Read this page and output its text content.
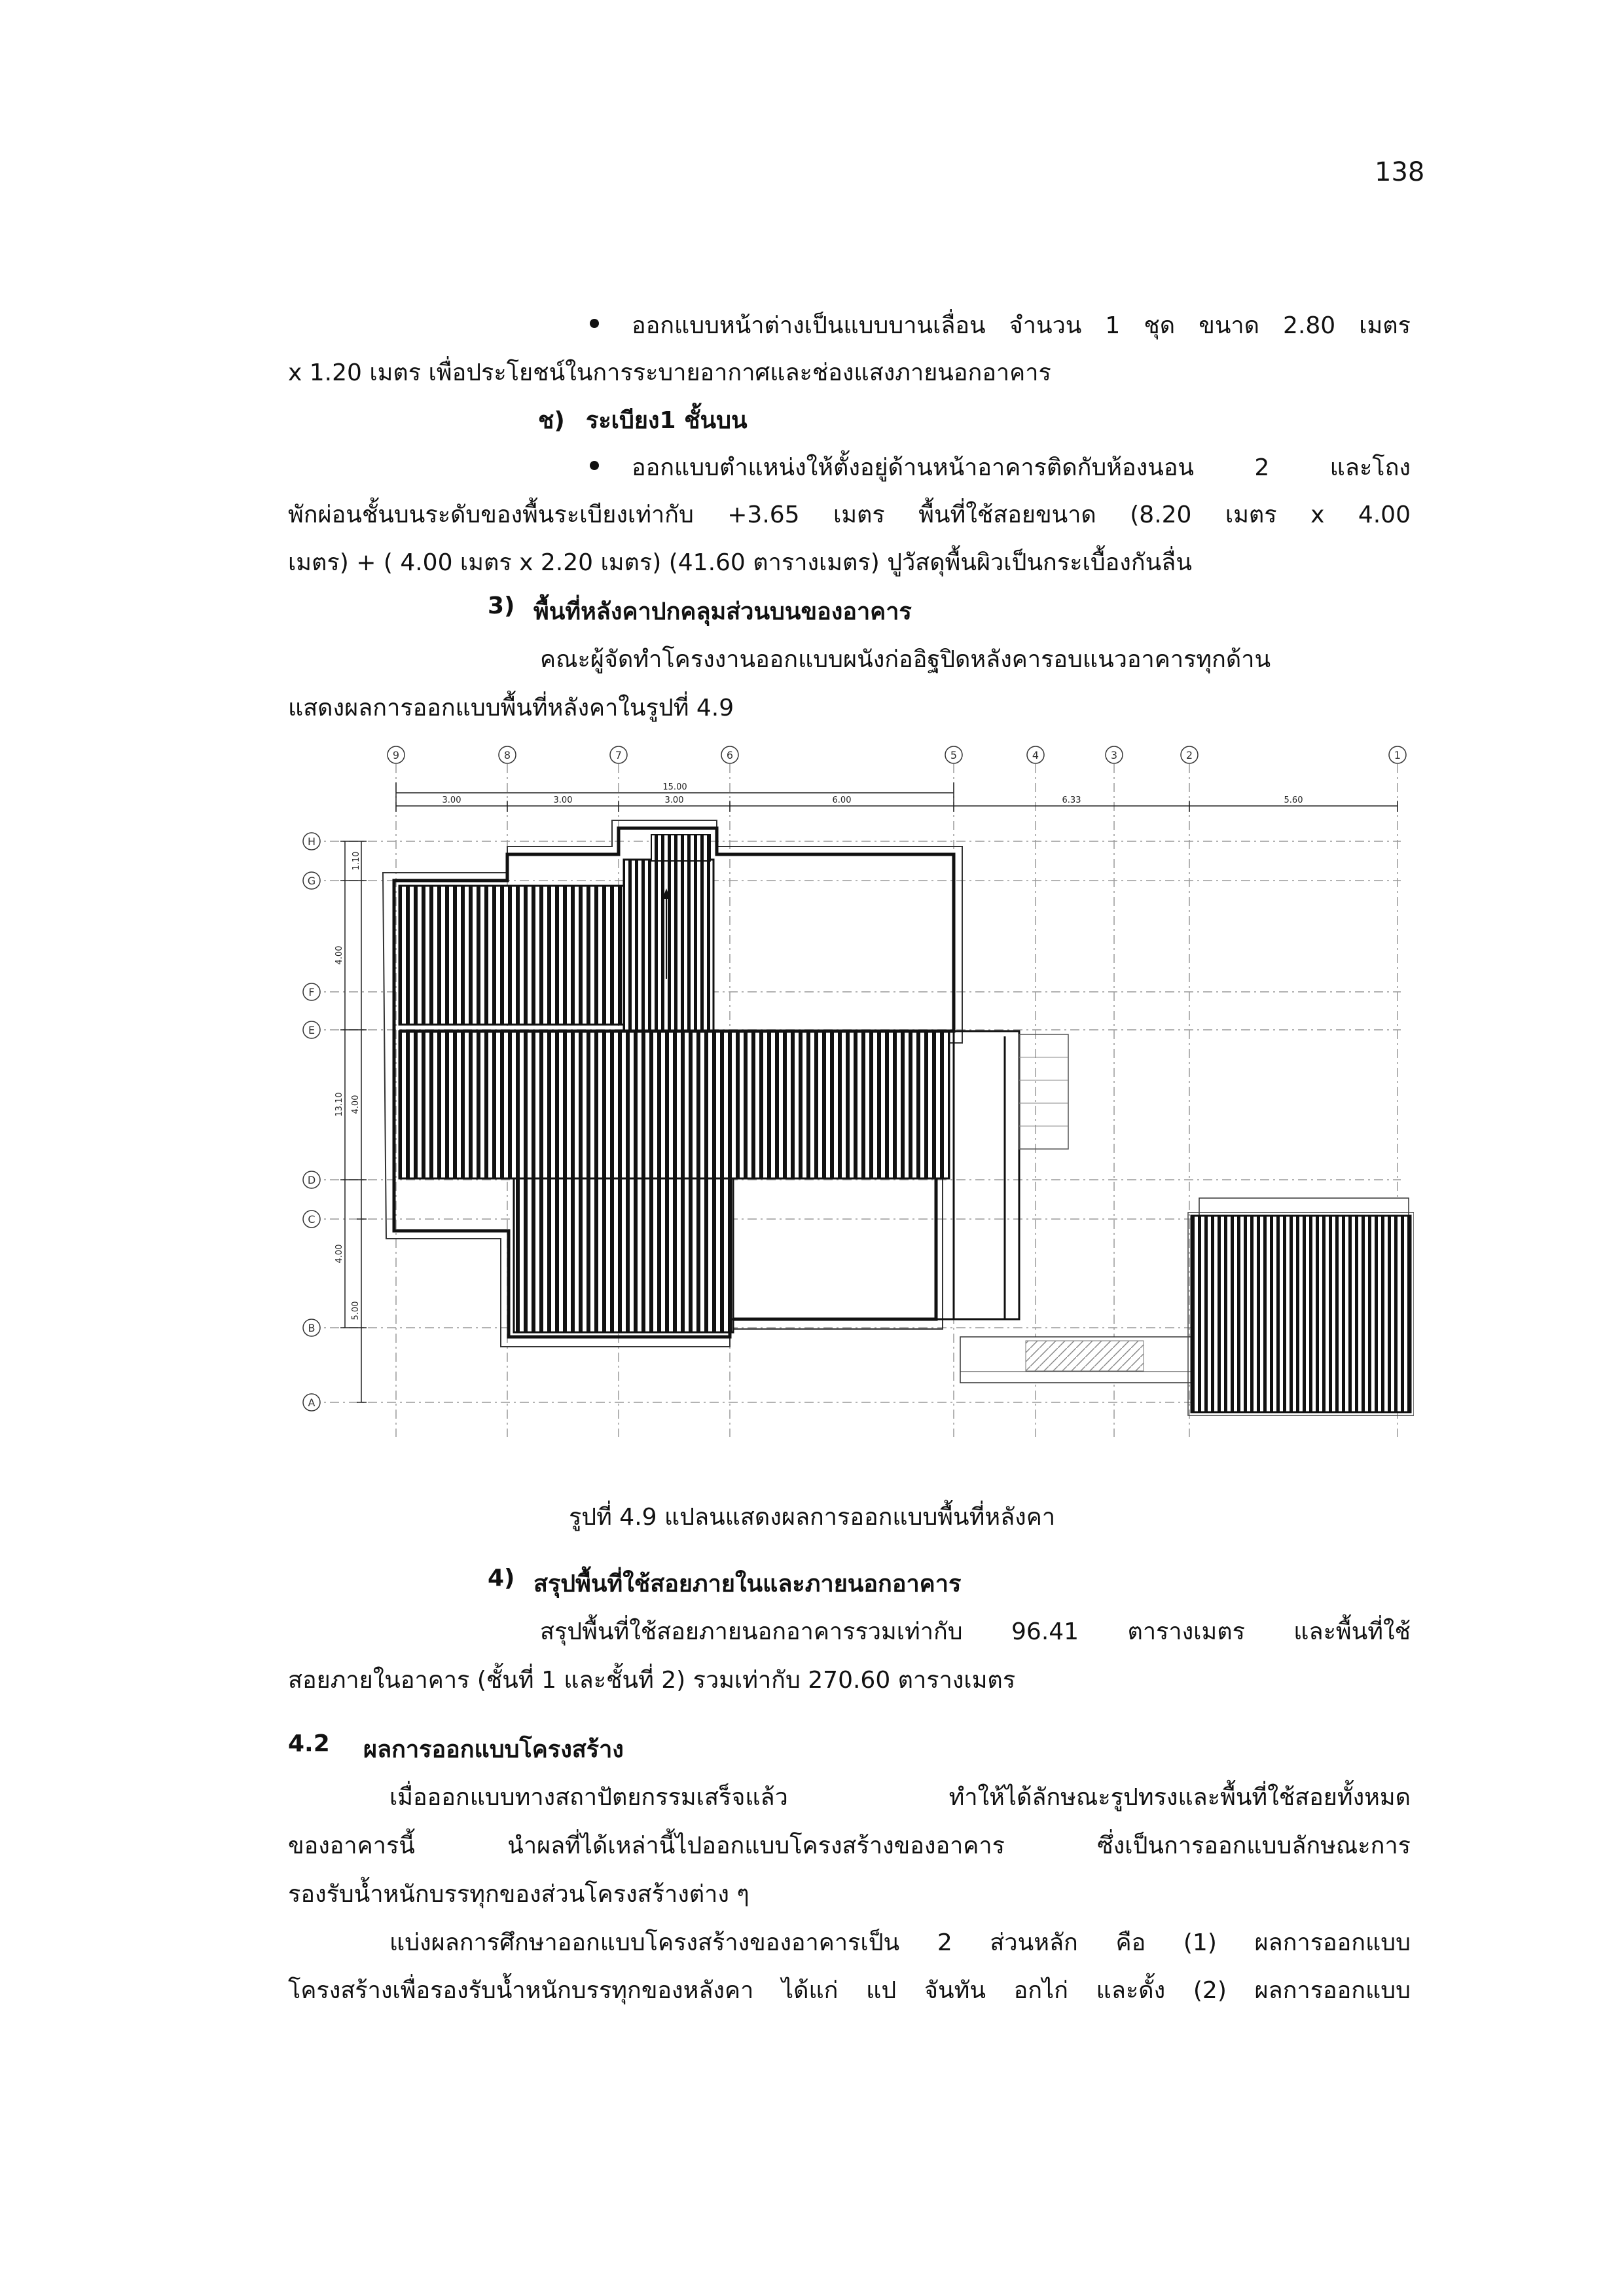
138
ออกแบบหน้าต่างเป็นแบบบานเลื่อน จำนวน 1 ชุด ขนาด 2.80 เมตร
x 1.20 เมตร เพื่อประโยชน์ในการระบายอากาศและช่องแสงภายนอกอาคาร
ช) ระเบียง1 ชั้นบน
ออกแบบตำแหน่งให้ตั้งอยู่ด้านหน้าอาคารติดกับห้องนอน 2 และโถง
พักผ่อนชั้นบนระดับของพื้นระเบียงเท่ากับ +3.65 เมตร พื้นที่ใช้สอยขนาด (8.20 เมตร x 4.00
เมตร) + ( 4.00 เมตร x 2.20 เมตร) (41.60 ตารางเมตร) ปูวัสดุพื้นผิวเป็นกระเบื้องกันลื่น
3) พื้นที่หลังคาปกคลุมส่วนบนของอาคาร
คณะผู้จัดทำโครงงานออกแบบผนังก่ออิฐปิดหลังคารอบแนวอาคารทุกด้าน
แสดงผลการออกแบบพื้นที่หลังคาในรูปที่ 4.9
9	8	7	6	5	4	3	2	1
H
G
F
E
D
C
B
A
15.00
3.00	3.00	3.00	6.00	6.33	5.60
1.10
4.00
13.10 4.00
4.00
5.00
รูปที่ 4.9 แปลนแสดงผลการออกแบบพื้นที่หลังคา
4) สรุปพื้นที่ใช้สอยภายในและภายนอกอาคาร
สรุปพื้นที่ใช้สอยภายนอกอาคารรวมเท่ากับ 96.41 ตารางเมตร และพื้นที่ใช้
สอยภายในอาคาร (ชั้นที่ 1 และชั้นที่ 2) รวมเท่ากับ 270.60 ตารางเมตร
4.2 ผลการออกแบบโครงสร้าง
เมื่อออกแบบทางสถาปัตยกรรมเสร็จแล้ว ทำให้ได้ลักษณะรูปทรงและพื้นที่ใช้สอยทั้งหมด
ของอาคารนี้ นำผลที่ได้เหล่านี้ไปออกแบบโครงสร้างของอาคาร ซึ่งเป็นการออกแบบลักษณะการ
รองรับน้ำหนักบรรทุกของส่วนโครงสร้างต่าง ๆ
แบ่งผลการศึกษาออกแบบโครงสร้างของอาคารเป็น 2 ส่วนหลัก คือ (1) ผลการออกแบบ
โครงสร้างเพื่อรองรับน้ำหนักบรรทุกของหลังคา ได้แก่ แป จันทัน อกไก่ และดั้ง (2) ผลการออกแบบ
